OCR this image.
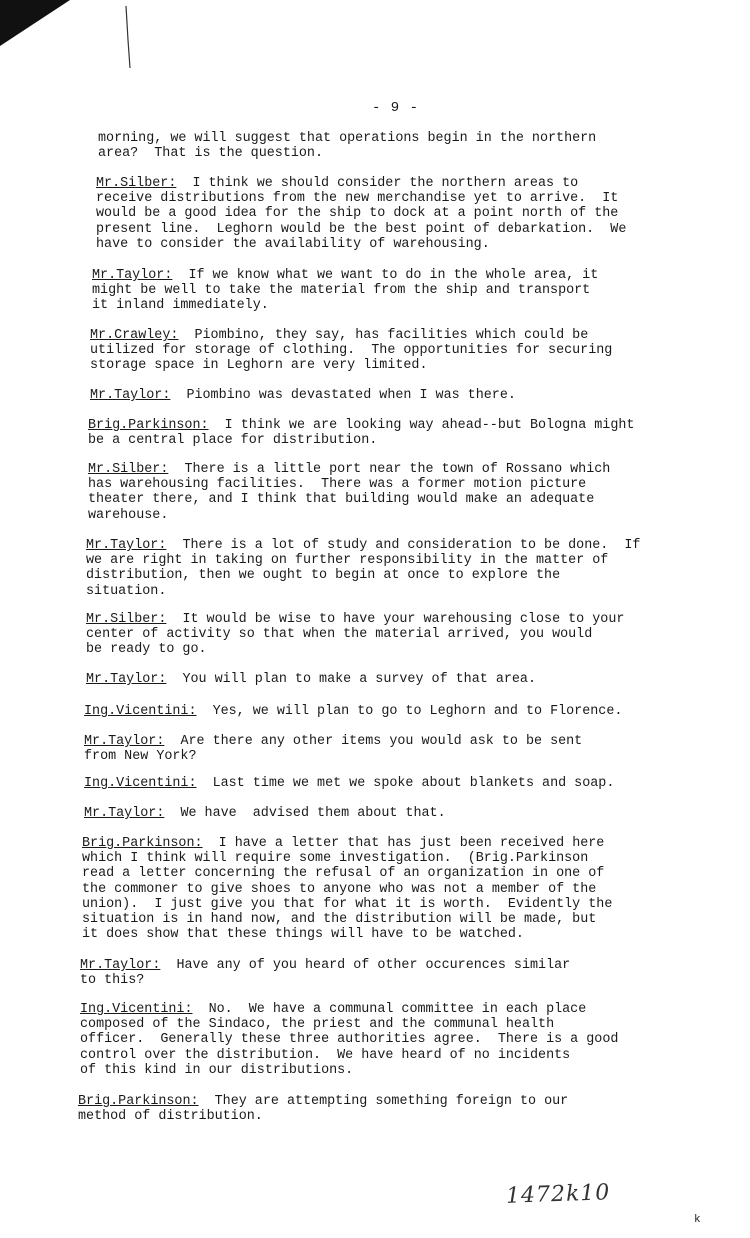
- 9 -
morning, we will suggest that operations begin in the northern
area?  That is the question.
Mr.Silber: I think we should consider the northern areas to
receive distributions from the new merchandise yet to arrive.  It
would be a good idea for the ship to dock at a point north of the
present line.  Leghorn would be the best point of debarkation.  We
have to consider the availability of warehousing.
Mr.Taylor: If we know what we want to do in the whole area, it
might be well to take the material from the ship and transport
it inland immediately.
Mr.Crawley: Piombino, they say, has facilities which could be
utilized for storage of clothing.  The opportunities for securing
storage space in Leghorn are very limited.
Mr.Taylor: Piombino was devastated when I was there.
Brig.Parkinson: I think we are looking way ahead--but Bologna might
be a central place for distribution.
Mr.Silber: There is a little port near the town of Rossano which
has warehousing facilities.  There was a former motion picture
theater there, and I think that building would make an adequate
warehouse.
Mr.Taylor: There is a lot of study and consideration to be done.  If
we are right in taking on further responsibility in the matter of
distribution, then we ought to begin at once to explore the
situation.
Mr.Silber: It would be wise to have your warehousing close to your
center of activity so that when the material arrived, you would
be ready to go.
Mr.Taylor: You will plan to make a survey of that area.
Ing.Vicentini: Yes, we will plan to go to Leghorn and to Florence.
Mr.Taylor: Are there any other items you would ask to be sent
from New York?
Ing.Vicentini: Last time we met we spoke about blankets and soap.
Mr.Taylor: We have  advised them about that.
Brig.Parkinson: I have a letter that has just been received here
which I think will require some investigation.  (Brig.Parkinson
read a letter concerning the refusal of an organization in one of
the commoner to give shoes to anyone who was not a member of the
union).  I just give you that for what it is worth.  Evidently the
situation is in hand now, and the distribution will be made, but
it does show that these things will have to be watched.
Mr.Taylor: Have any of you heard of other occurences similar
to this?
Ing.Vicentini: No.  We have a communal committee in each place
composed of the Sindaco, the priest and the communal health
officer.  Generally these three authorities agree.  There is a good
control over the distribution.  We have heard of no incidents
of this kind in our distributions.
Brig.Parkinson: They are attempting something foreign to our
method of distribution.
1472k10
k
